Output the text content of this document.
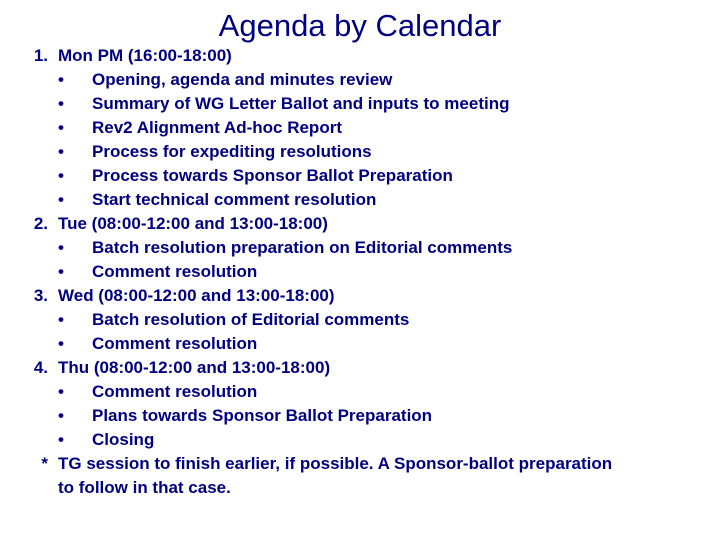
Agenda by Calendar
1. Mon PM (16:00-18:00)
•	Opening, agenda and minutes review
•	Summary of WG Letter Ballot and inputs to meeting
•	Rev2 Alignment Ad-hoc Report
•	Process for expediting resolutions
•	Process towards Sponsor Ballot Preparation
•	Start technical comment resolution
2. Tue (08:00-12:00 and 13:00-18:00)
•	Batch resolution preparation on Editorial comments
•	Comment resolution
3. Wed (08:00-12:00 and 13:00-18:00)
•	Batch resolution of Editorial comments
•	Comment resolution
4. Thu (08:00-12:00 and 13:00-18:00)
•	Comment resolution
•	Plans towards Sponsor Ballot Preparation
•	Closing
* TG session to finish earlier, if possible. A Sponsor-ballot preparation to follow in that case.
